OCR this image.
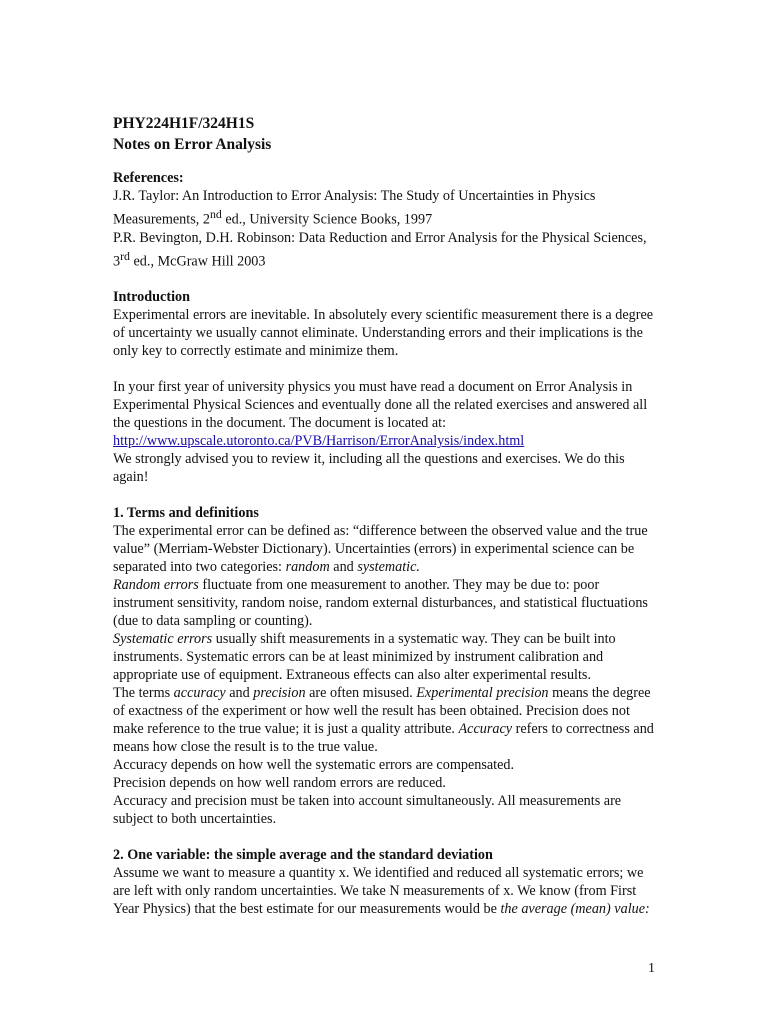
PHY224H1F/324H1S
Notes on Error Analysis
References:

J.R. Taylor: An Introduction to Error Analysis: The Study of Uncertainties in Physics Measurements, 2nd ed., University Science Books, 1997

P.R. Bevington, D.H. Robinson: Data Reduction and Error Analysis for the Physical Sciences, 3rd ed., McGraw Hill 2003

Introduction

Experimental errors are inevitable. In absolutely every scientific measurement there is a degree of uncertainty we usually cannot eliminate. Understanding errors and their implications is the only key to correctly estimate and minimize them.

In your first year of university physics you must have read a document on Error Analysis in Experimental Physical Sciences and eventually done all the related exercises and answered all the questions in the document. The document is located at:

http://www.upscale.utoronto.ca/PVB/Harrison/ErrorAnalysis/index.html

We strongly advised you to review it, including all the questions and exercises. We do this again!

1. Terms and definitions

The experimental error can be defined as: “difference between the observed value and the true value” (Merriam-Webster Dictionary). Uncertainties (errors) in experimental science can be separated into two categories: random and systematic.

Random errors fluctuate from one measurement to another. They may be due to: poor instrument sensitivity, random noise, random external disturbances, and statistical fluctuations (due to data sampling or counting).

Systematic errors usually shift measurements in a systematic way. They can be built into instruments. Systematic errors can be at least minimized by instrument calibration and appropriate use of equipment. Extraneous effects can also alter experimental results.

The terms accuracy and precision are often misused. Experimental precision means the degree of exactness of the experiment or how well the result has been obtained. Precision does not make reference to the true value; it is just a quality attribute. Accuracy refers to correctness and means how close the result is to the true value.

Accuracy depends on how well the systematic errors are compensated.

Precision depends on how well random errors are reduced.

Accuracy and precision must be taken into account simultaneously. All measurements are subject to both uncertainties.

2. One variable: the simple average and the standard deviation

Assume we want to measure a quantity x. We identified and reduced all systematic errors; we are left with only random uncertainties. We take N measurements of x. We know (from First Year Physics) that the best estimate for our measurements would be the average (mean) value:

1
